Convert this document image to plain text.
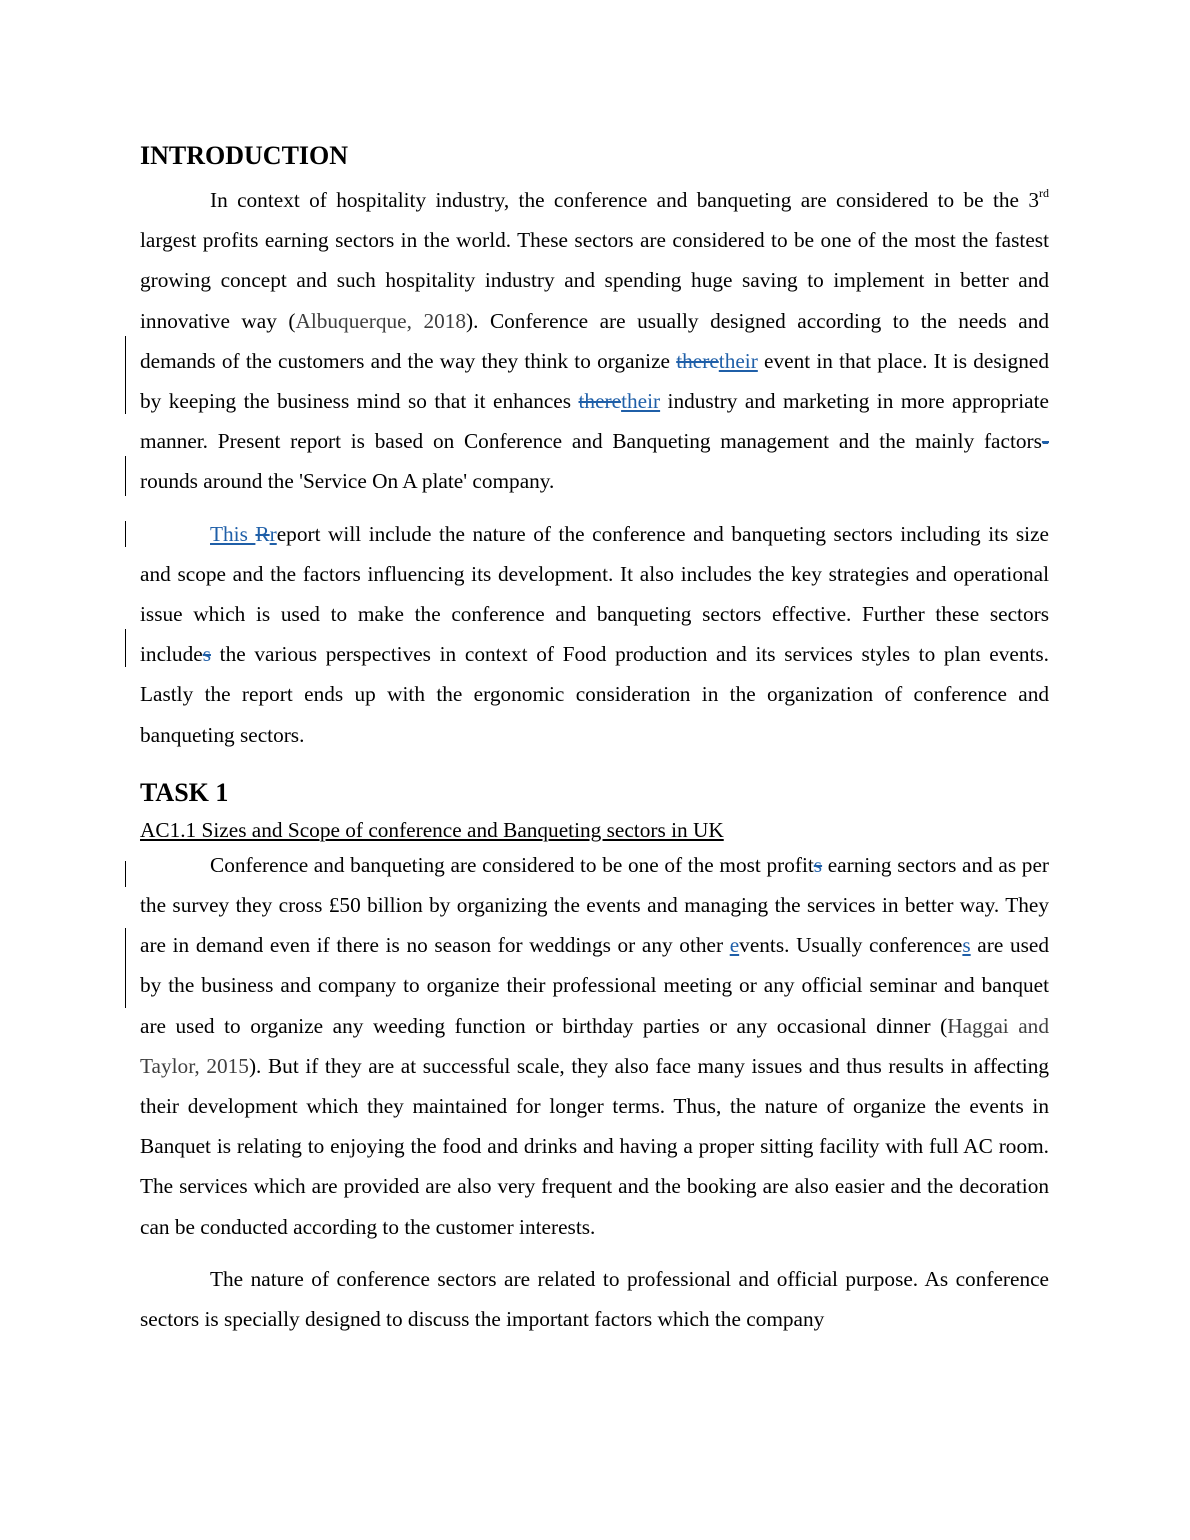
INTRODUCTION

In context of hospitality industry, the conference and banqueting are considered to be the 3rd largest profits earning sectors in the world. These sectors are considered to be one of the most the fastest growing concept and such hospitality industry and spending huge saving to implement in better and innovative way (Albuquerque, 2018). Conference are usually designed according to the needs and demands of the customers and the way they think to organize theretheir event in that place. It is designed by keeping the business mind so that it enhances theretheir industry and marketing in more appropriate manner. Present report is based on Conference and Banqueting management and the mainly factors- rounds around the 'Service On A plate' company.

This Rreport will include the nature of the conference and banqueting sectors including its size and scope and the factors influencing its development. It also includes the key strategies and operational issue which is used to make the conference and banqueting sectors effective. Further these sectors includes the various perspectives in context of Food production and its services styles to plan events. Lastly the report ends up with the ergonomic consideration in the organization of conference and banqueting sectors.

TASK 1

AC1.1 Sizes and Scope of conference and Banqueting sectors in UK

Conference and banqueting are considered to be one of the most profits earning sectors and as per the survey they cross £50 billion by organizing the events and managing the services in better way. They are in demand even if there is no season for weddings or any other events. Usually conferences are used by the business and company to organize their professional meeting or any official seminar and banquet are used to organize any weeding function or birthday parties or any occasional dinner (Haggai and Taylor, 2015). But if they are at successful scale, they also face many issues and thus results in affecting their development which they maintained for longer terms. Thus, the nature of organize the events in Banquet is relating to enjoying the food and drinks and having a proper sitting facility with full AC room. The services which are provided are also very frequent and the booking are also easier and the decoration can be conducted according to the customer interests.

The nature of conference sectors are related to professional and official purpose. As conference sectors is specially designed to discuss the important factors which the company
